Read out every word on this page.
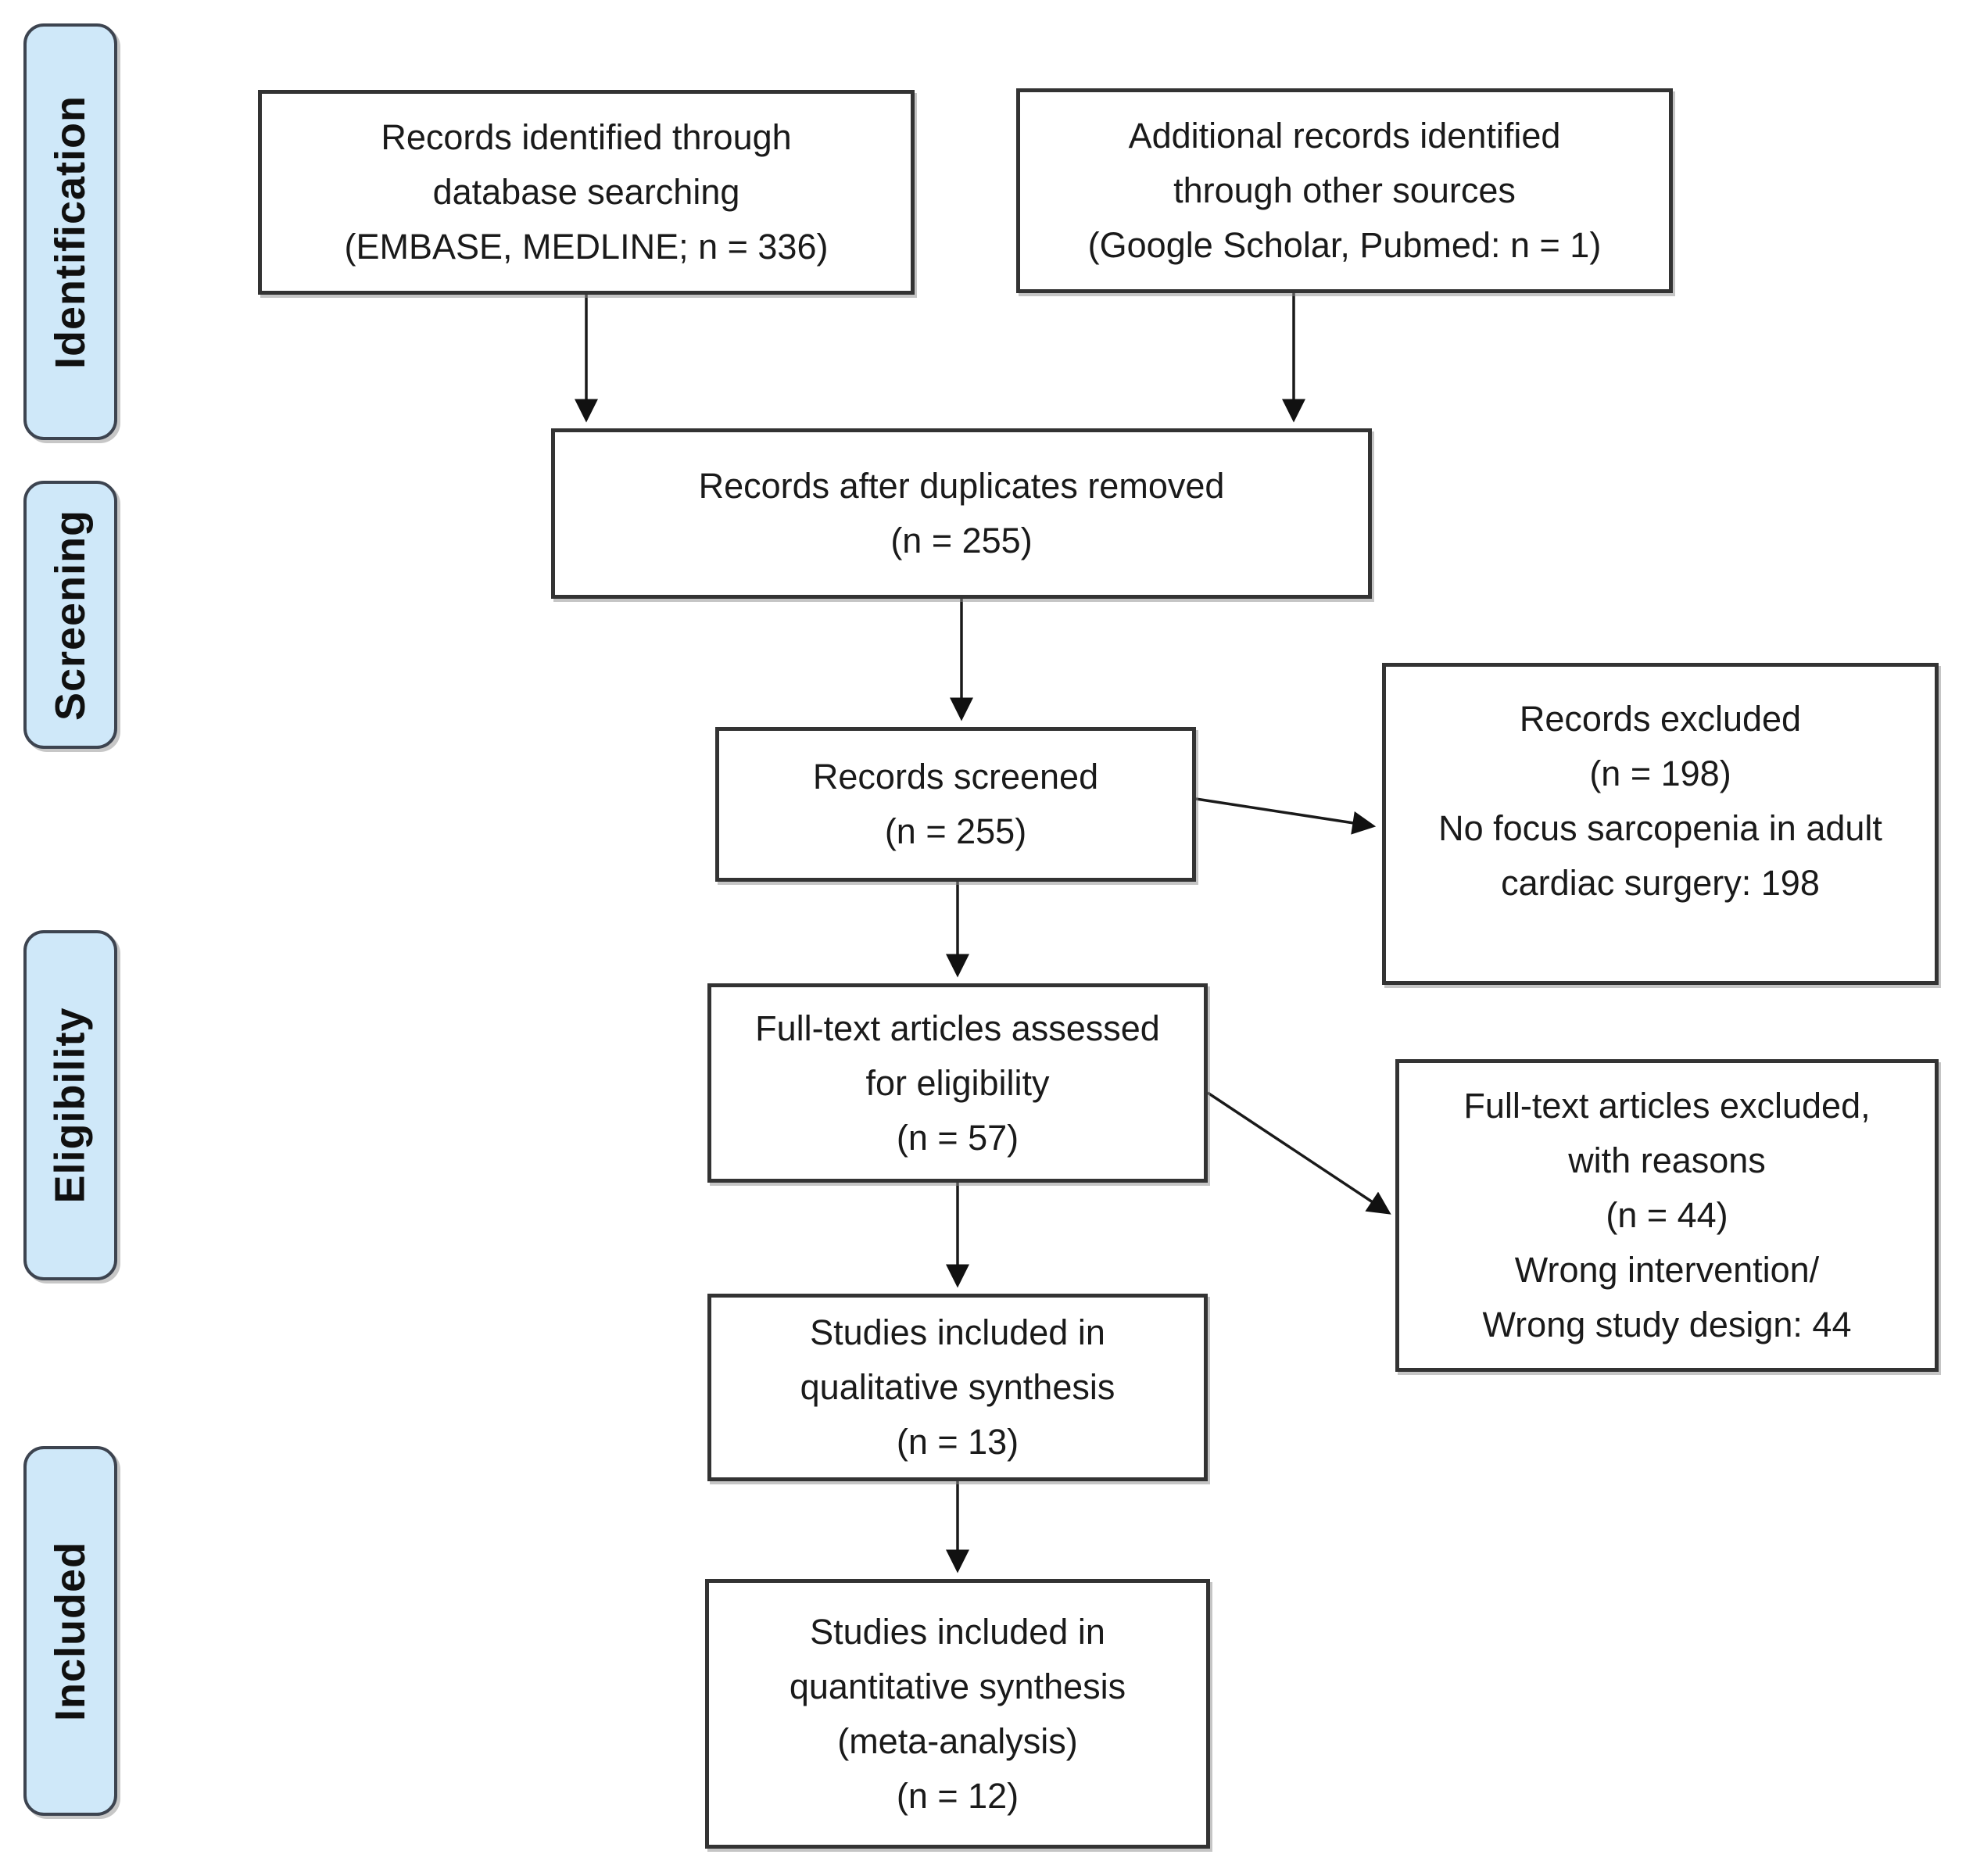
Identification
Screening
Eligibility
Included
Records identified through
database searching
(EMBASE, MEDLINE; n = 336)
Additional records identified
through other sources
(Google Scholar, Pubmed: n = 1)
Records after duplicates removed
(n = 255)
Records screened
(n = 255)
Records excluded
(n = 198)
No focus sarcopenia in adult
cardiac surgery: 198
Full-text articles assessed
for eligibility
(n = 57)
Full-text articles excluded,
with reasons
(n = 44)
Wrong intervention/
Wrong study design: 44
Studies included in
qualitative synthesis
(n = 13)
Studies included in
quantitative synthesis
(meta-analysis)
(n = 12)
